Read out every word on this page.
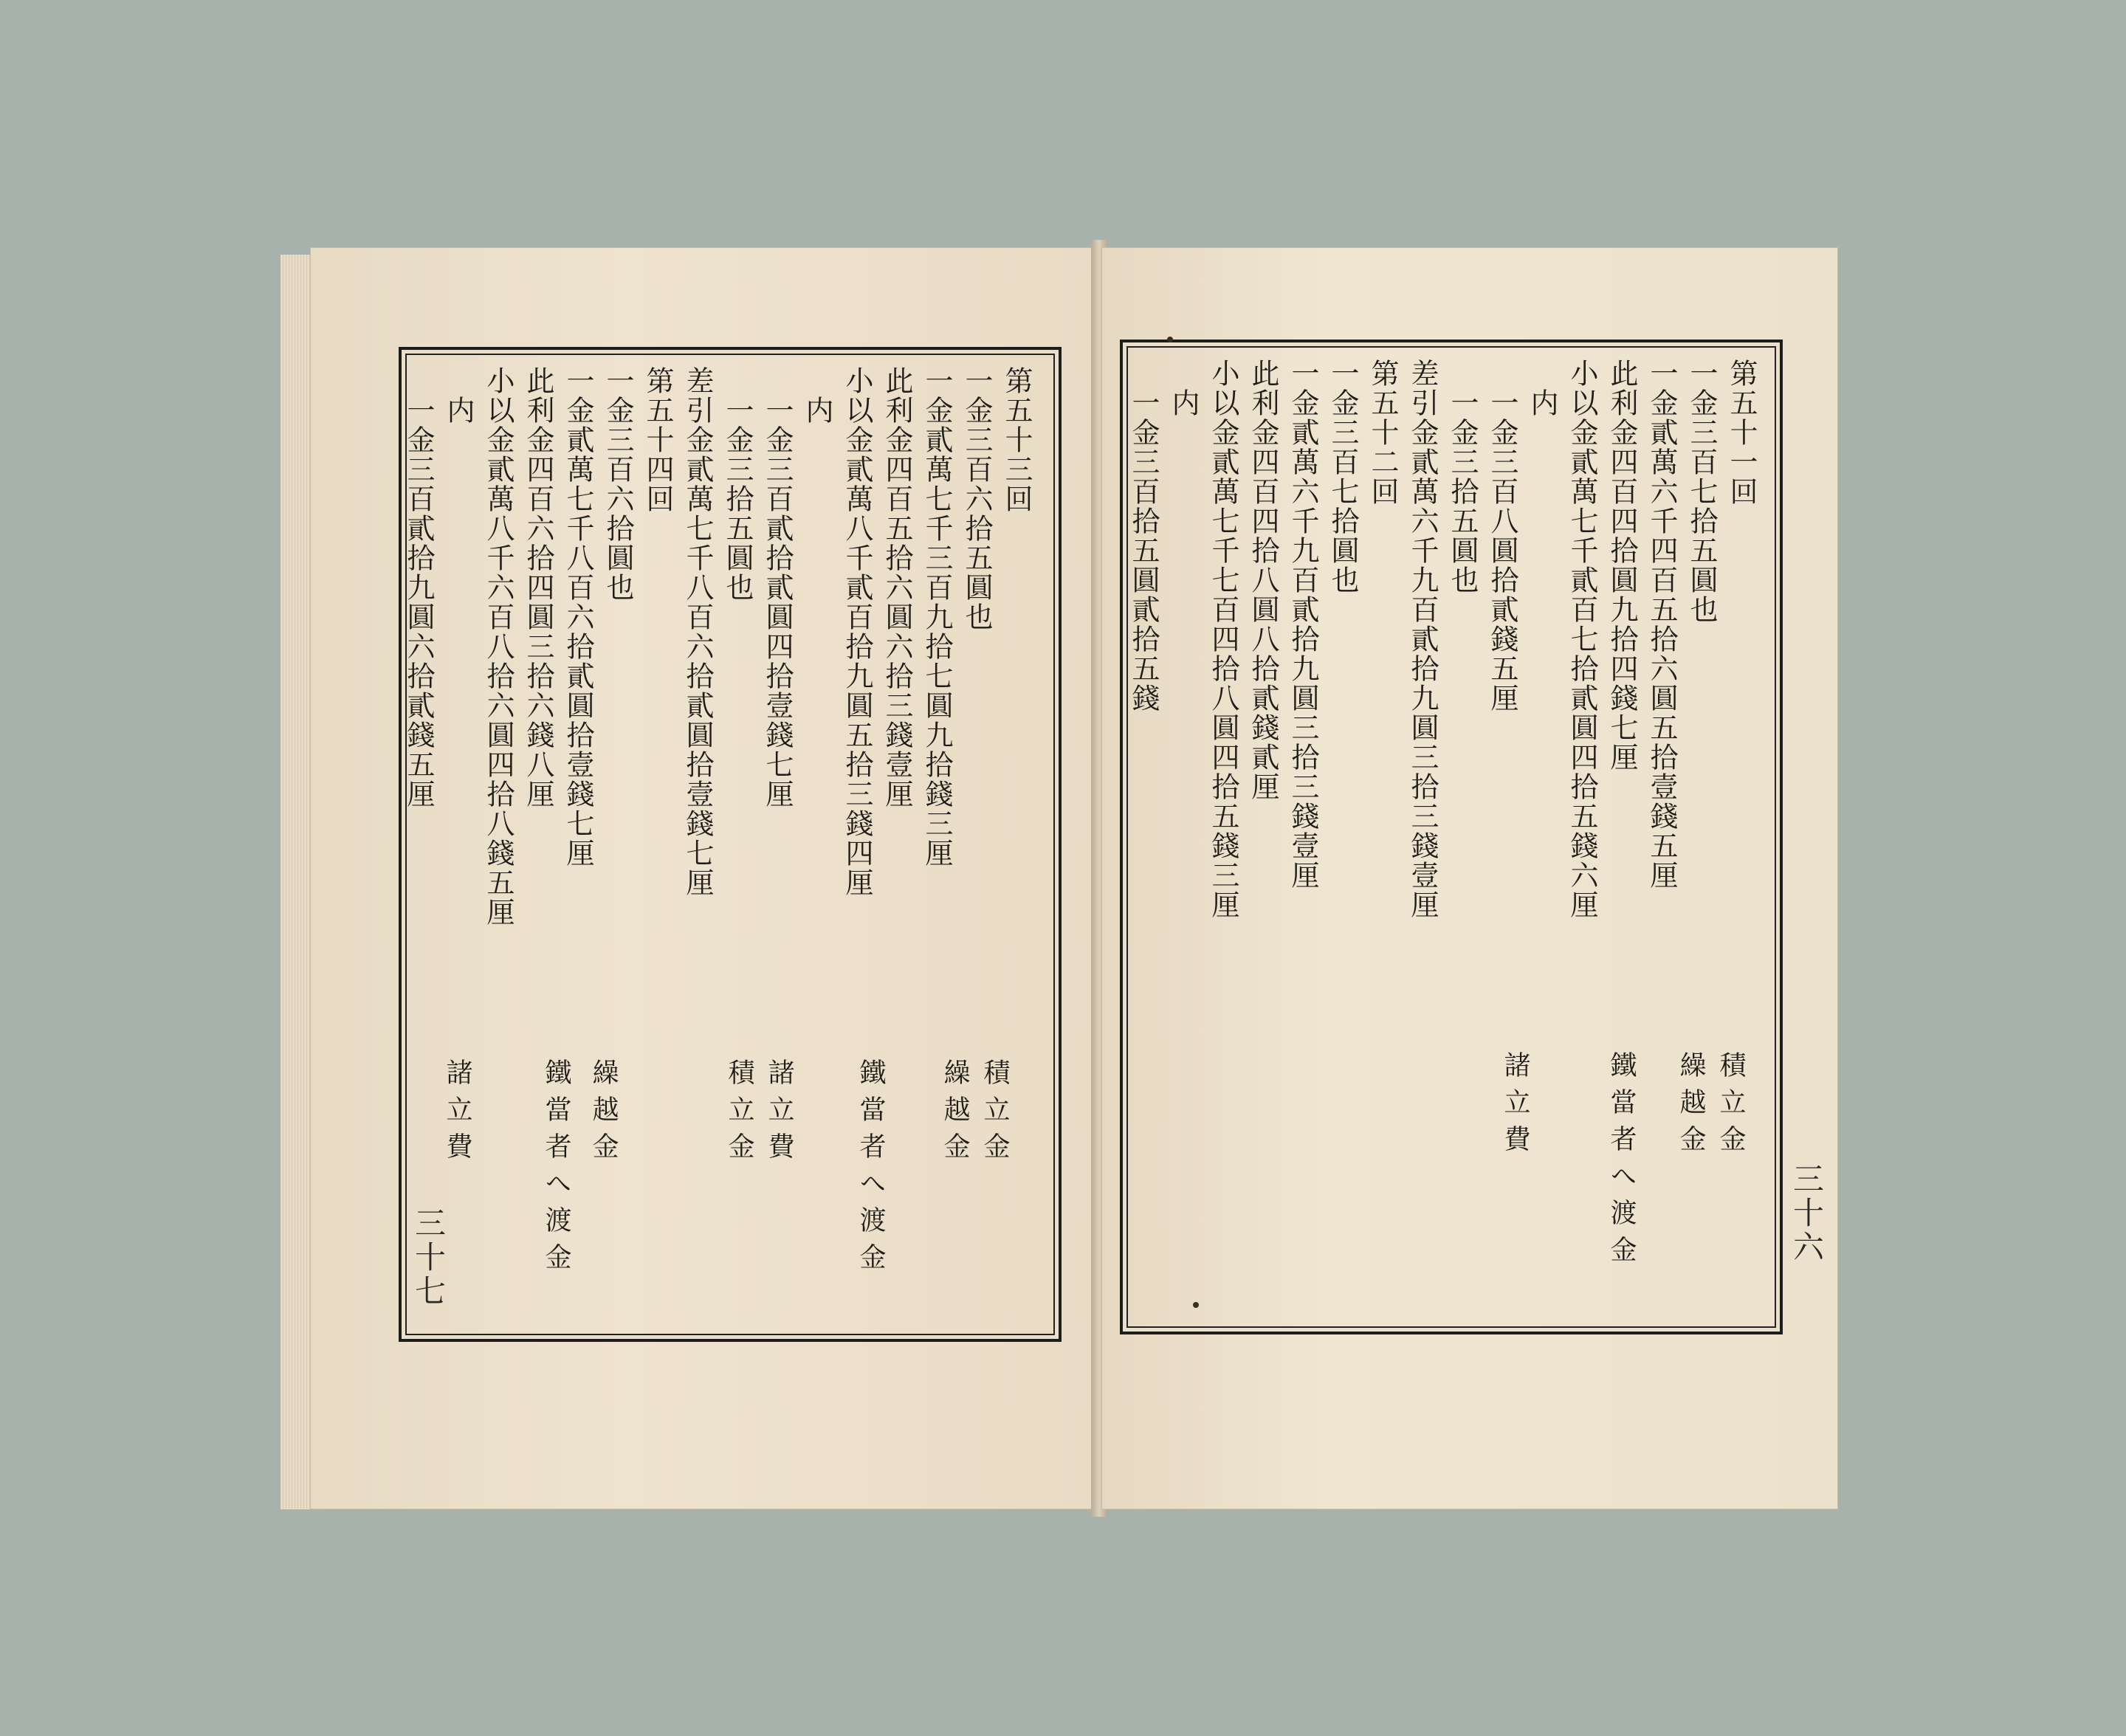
第五十三回
一金三百六拾五圓也
一金貳萬七千三百九拾七圓九拾錢三厘
此利金四百五拾六圓六拾三錢壹厘
小以金貳萬八千貳百拾九圓五拾三錢四厘
内
一金三百貳拾貳圓四拾壹錢七厘
一金三拾五圓也
差引金貳萬七千八百六拾貳圓拾壹錢七厘
第五十四回
一金三百六拾圓也
一金貳萬七千八百六拾貳圓拾壹錢七厘
此利金四百六拾四圓三拾六錢八厘
小以金貳萬八千六百八拾六圓四拾八錢五厘
内
一金三百貳拾九圓六拾貳錢五厘
積立金
繰越金
鐵當者へ渡金
諸立費
積立金
繰越金
鐵當者へ渡金
諸立費
三十七
第五十一回
一金三百七拾五圓也
一金貳萬六千四百五拾六圓五拾壹錢五厘
此利金四百四拾圓九拾四錢七厘
小以金貳萬七千貳百七拾貳圓四拾五錢六厘
内
一金三百八圓拾貳錢五厘
一金三拾五圓也
差引金貳萬六千九百貳拾九圓三拾三錢壹厘
第五十二回
一金三百七拾圓也
一金貳萬六千九百貳拾九圓三拾三錢壹厘
此利金四百四拾八圓八拾貳錢貳厘
小以金貳萬七千七百四拾八圓四拾五錢三厘
内
一金三百拾五圓貳拾五錢
積立金
繰越金
鐵當者へ渡金
諸立費
三十六
